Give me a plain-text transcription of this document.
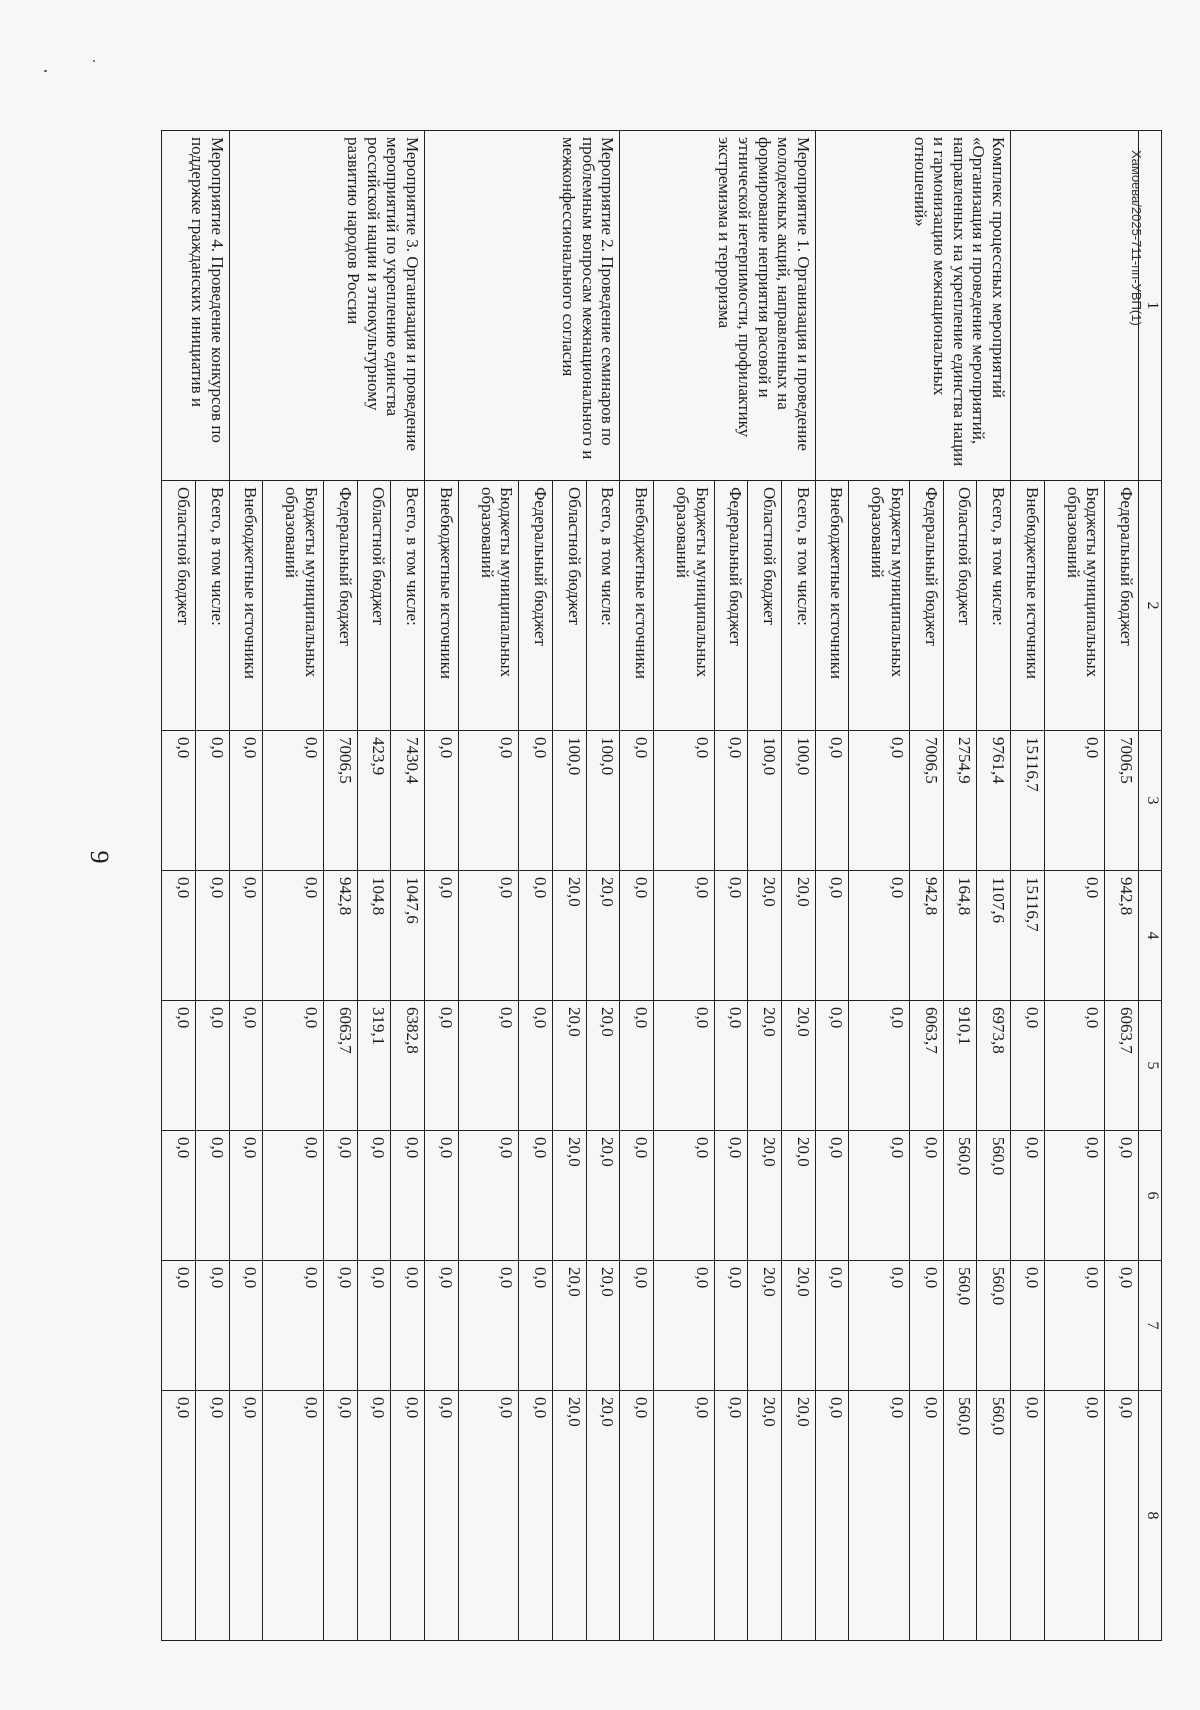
9
Хамоева/2025-711-пп-УВП(1) 1	2	3	4	5	6	7	8
	Федеральный бюджет	7006,5	942,8	6063,7	0,0	0,0	0,0
	Бюджеты муниципальных образований	0,0	0,0	0,0	0,0	0,0	0,0
	Внебюджетные источники	15116,7	15116,7	0,0	0,0	0,0	0,0
Комплекс процессных мероприятий «Организация и проведение мероприятий, направленных на укрепление единства нации и гармонизацию межнациональных отношений»	Всего, в том числе:	9761,4	1107,6	6973,8	560,0	560,0	560,0
	Областной бюджет	2754,9	164,8	910,1	560,0	560,0	560,0
	Федеральный бюджет	7006,5	942,8	6063,7	0,0	0,0	0,0
	Бюджеты муниципальных образований	0,0	0,0	0,0	0,0	0,0	0,0
	Внебюджетные источники	0,0	0,0	0,0	0,0	0,0	0,0
Мероприятие 1. Организация и проведение молодежных акций, направленных на формирование неприятия расовой и этнической нетерпимости, профилактику экстремизма и терроризма	Всего, в том числе:	100,0	20,0	20,0	20,0	20,0	20,0
	Областной бюджет	100,0	20,0	20,0	20,0	20,0	20,0
	Федеральный бюджет	0,0	0,0	0,0	0,0	0,0	0,0
	Бюджеты муниципальных образований	0,0	0,0	0,0	0,0	0,0	0,0
	Внебюджетные источники	0,0	0,0	0,0	0,0	0,0	0,0
Мероприятие 2. Проведение семинаров по проблемным вопросам межнационального и межконфессионального согласия	Всего, в том числе:	100,0	20,0	20,0	20,0	20,0	20,0
	Областной бюджет	100,0	20,0	20,0	20,0	20,0	20,0
	Федеральный бюджет	0,0	0,0	0,0	0,0	0,0	0,0
	Бюджеты муниципальных образований	0,0	0,0	0,0	0,0	0,0	0,0
	Внебюджетные источники	0,0	0,0	0,0	0,0	0,0	0,0
Мероприятие 3. Организация и проведение мероприятий по укреплению единства российской нации и этнокультурному развитию народов России	Всего, в том числе:	7430,4	1047,6	6382,8	0,0	0,0	0,0
	Областной бюджет	423,9	104,8	319,1	0,0	0,0	0,0
	Федеральный бюджет	7006,5	942,8	6063,7	0,0	0,0	0,0
	Бюджеты муниципальных образований	0,0	0,0	0,0	0,0	0,0	0,0
	Внебюджетные источники	0,0	0,0	0,0	0,0	0,0	0,0
Мероприятие 4. Проведение конкурсов по поддержке гражданских инициатив и	Всего, в том числе:	0,0	0,0	0,0	0,0	0,0	0,0
	Областной бюджет	0,0	0,0	0,0	0,0	0,0	0,0
